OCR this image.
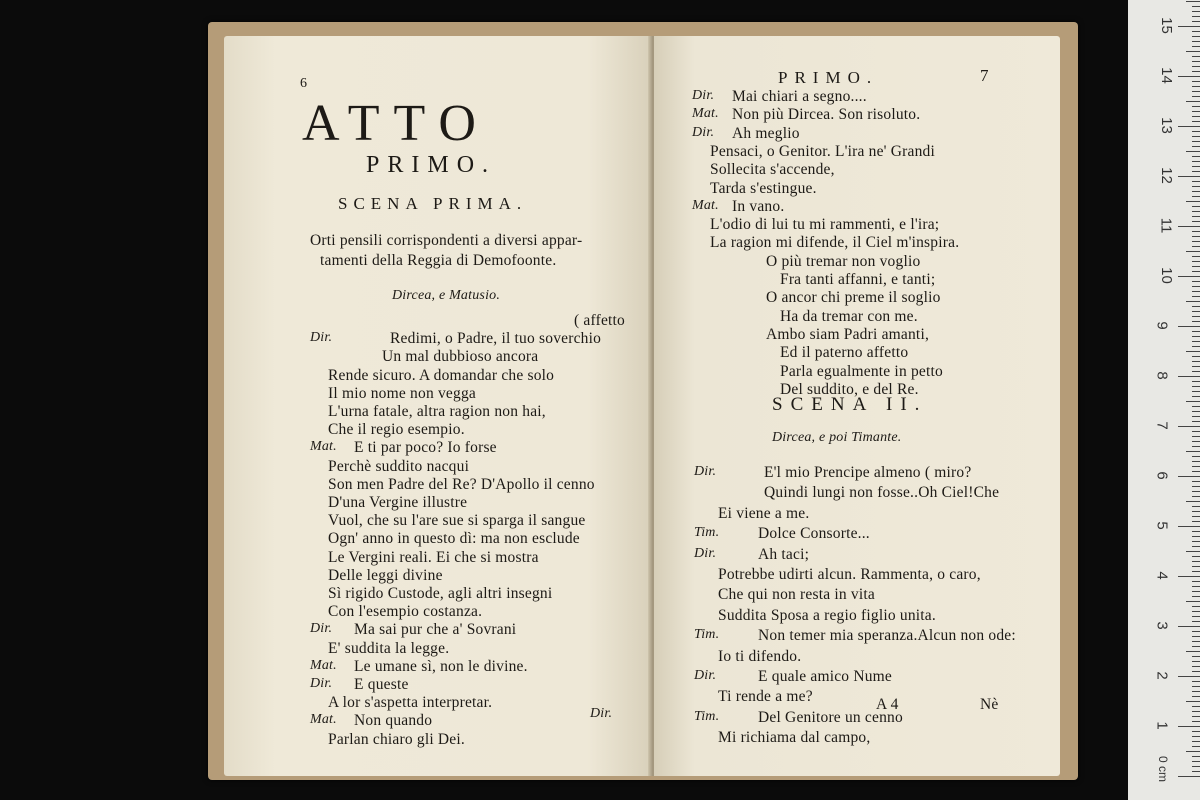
6
ATTO
PRIMO.
SCENA PRIMA.
Orti pensili corrispondenti a diversi appar-
tamenti della Reggia di Demofoonte.
Dircea, e Matusio.
( affetto
Dir.	Redimi, o Padre, il tuo soverchio
Un mal dubbioso ancora
Rende sicuro. A domandar che solo
Il mio nome non vegga
L'urna fatale, altra ragion non hai,
Che il regio esempio.
Mat. E ti par poco? Io forse
Perchè suddito nacqui
Son men Padre del Re? D'Apollo il cenno
D'una Vergine illustre
Vuol, che su l'are sue si sparga il sangue
Ogn' anno in questo dì: ma non esclude
Le Vergini reali. Ei che si mostra
Delle leggi divine
Sì rigido Custode, agli altri insegni
Con l'esempio costanza.
Dir. Ma sai pur che a' Sovrani
E' suddita la legge.
Mat. Le umane sì, non le divine.
Dir. E queste
A lor s'aspetta interpretar.
Mat. Non quando
Parlan chiaro gli Dei.
Dir.
PRIMO.	7
Dir. Mai chiari a segno....
Mat. Non più Dircea. Son risoluto.
Dir. Ah meglio
Pensaci, o Genitor. L'ira ne' Grandi
Sollecita s'accende,
Tarda s'estingue.
Mat. In vano.
L'odio di lui tu mi rammenti, e l'ira;
La ragion mi difende, il Ciel m'inspira.
O più tremar non voglio
Fra tanti affanni, e tanti;
O ancor chi preme il soglio
Ha da tremar con me.
Ambo siam Padri amanti,
Ed il paterno affetto
Parla egualmente in petto
Del suddito, e del Re.
SCENA II.
Dircea, e poi Timante.
Dir.	E'l mio Prencipe almeno ( miro?
Quindi lungi non fosse..Oh Ciel!Che
Ei viene a me.
Tim. Dolce Consorte...
Dir.	Ah taci;
Potrebbe udirti alcun. Rammenta, o caro,
Che qui non resta in vita
Suddita Sposa a regio figlio unita.
Tim. Non temer mia speranza.Alcun non ode:
Io ti difendo.
Dir.	E quale amico Nume
Ti rende a me?
Tim. Del Genitore un cenno
Mi richiama dal campo,
A 4	Nè
0 cm
1
2
3
4
5
6
7
8
9
10
11
12
13
14
15
